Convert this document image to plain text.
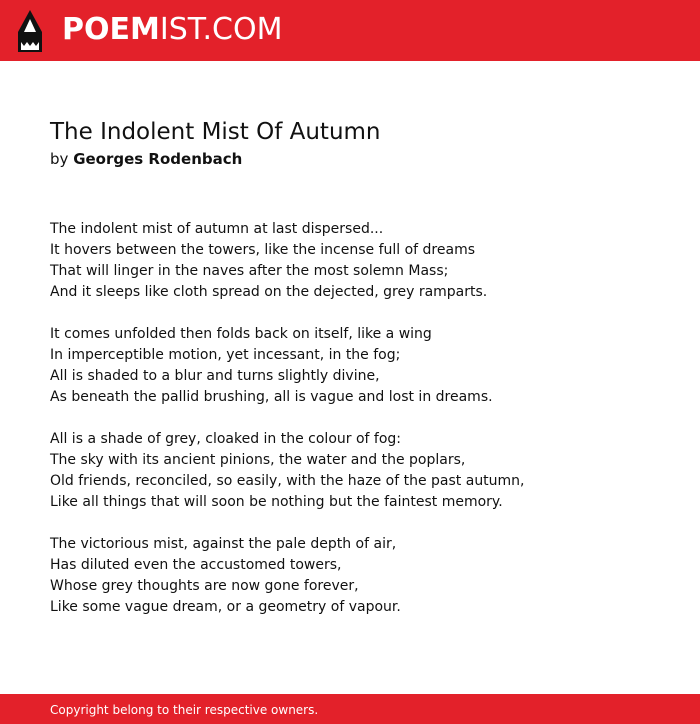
POEMIST.COM
The Indolent Mist Of Autumn
by Georges Rodenbach
The indolent mist of autumn at last dispersed...
It hovers between the towers, like the incense full of dreams
That will linger in the naves after the most solemn Mass;
And it sleeps like cloth spread on the dejected, grey ramparts.
It comes unfolded then folds back on itself, like a wing
In imperceptible motion, yet incessant, in the fog;
All is shaded to a blur and turns slightly divine,
As beneath the pallid brushing, all is vague and lost in dreams.
All is a shade of grey, cloaked in the colour of fog:
The sky with its ancient pinions, the water and the poplars,
Old friends, reconciled, so easily, with the haze of the past autumn,
Like all things that will soon be nothing but the faintest memory.
The victorious mist, against the pale depth of air,
Has diluted even the accustomed towers,
Whose grey thoughts are now gone forever,
Like some vague dream, or a geometry of vapour.
Copyright belong to their respective owners.
